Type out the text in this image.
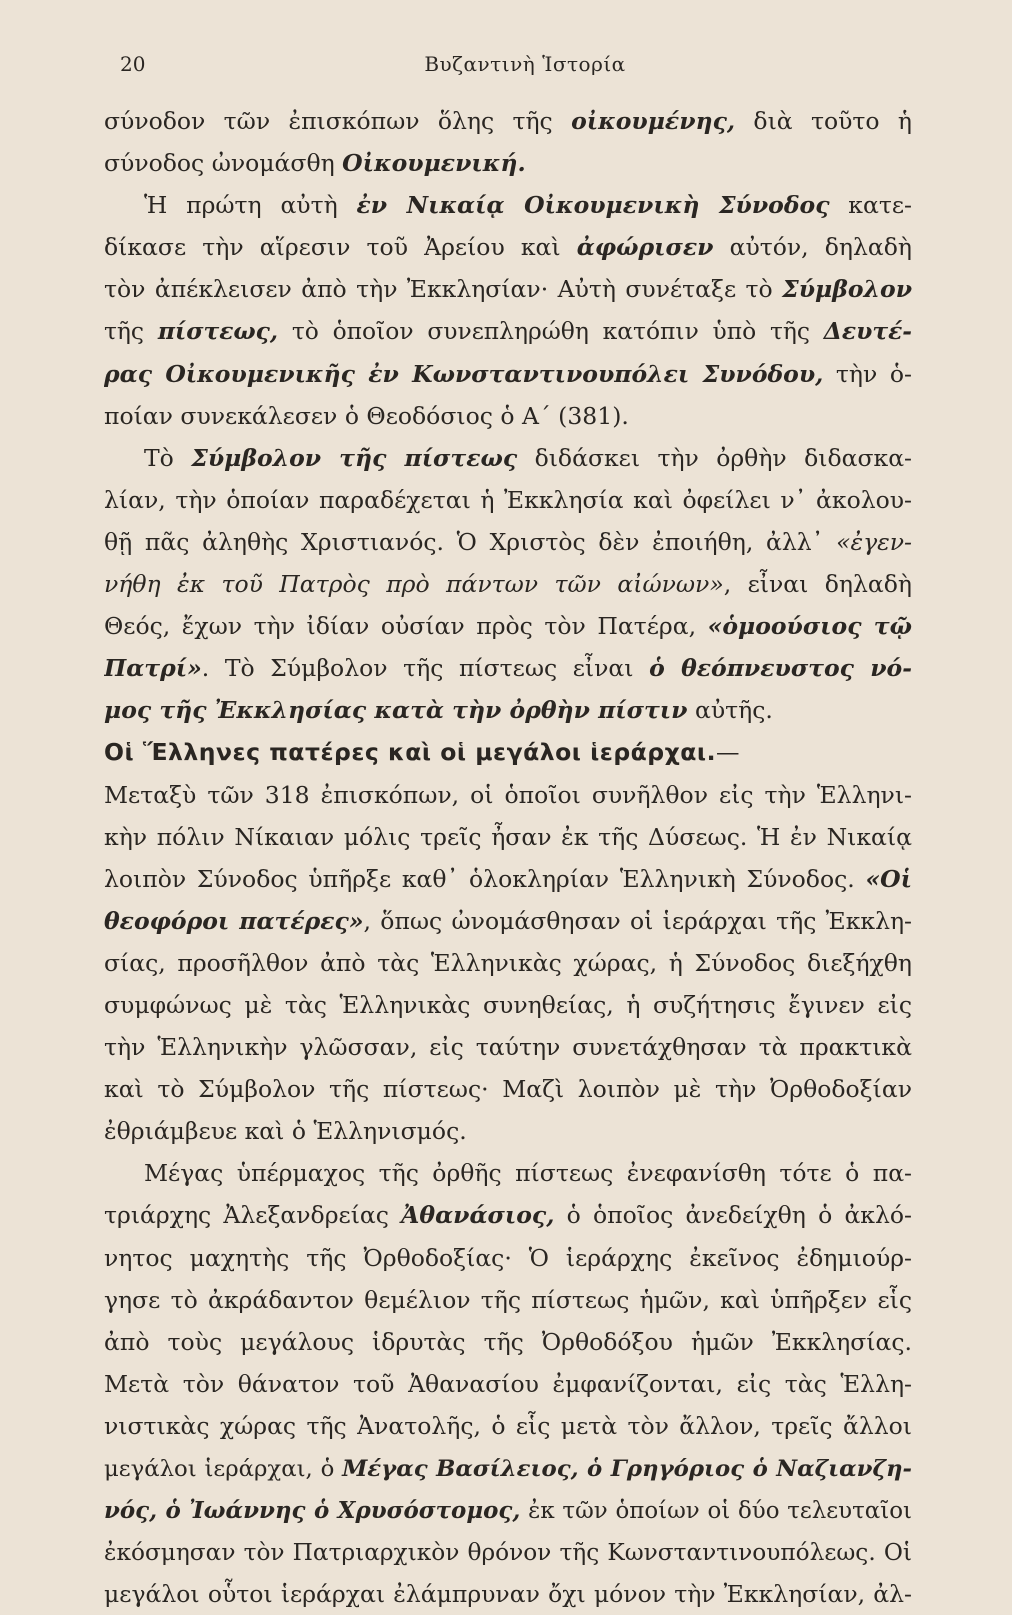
20	Βυζαντινὴ Ἱστορία
σύνοδον τῶν ἐπισκόπων ὅλης τῆς οἰκουμένης, διὰ τοῦτο ἡ
σύνοδος ὠνομάσθη Οἰκουμενική.
Ἡ πρώτη αὐτὴ ἐν Νικαίᾳ Οἰκουμενικὴ Σύνοδος κατε-
δίκασε τὴν αἵρεσιν τοῦ Ἀρείου καὶ ἀφώρισεν αὐτόν, δηλαδὴ
τὸν ἀπέκλεισεν ἀπὸ τὴν Ἐκκλησίαν· Αὐτὴ συνέταξε τὸ Σύμβολον
τῆς πίστεως, τὸ ὁποῖον συνεπληρώθη κατόπιν ὑπὸ τῆς Δευτέ-
ρας Οἰκουμενικῆς ἐν Κωνσταντινουπόλει Συνόδου, τὴν ὁ-
ποίαν συνεκάλεσεν ὁ Θεοδόσιος ὁ Α΄ (381).
Τὸ Σύμβολον τῆς πίστεως διδάσκει τὴν ὀρθὴν διδασκα-
λίαν, τὴν ὁποίαν παραδέχεται ἡ Ἐκκλησία καὶ ὀφείλει ν᾿ ἀκολου-
θῇ πᾶς ἀληθὴς Χριστιανός. Ὁ Χριστὸς δὲν ἐποιήθη, ἀλλ᾿ «ἐγεν-
νήθη ἐκ τοῦ Πατρὸς πρὸ πάντων τῶν αἰώνων», εἶναι δηλαδὴ
Θεός, ἔχων τὴν ἰδίαν οὐσίαν πρὸς τὸν Πατέρα, «ὁμοούσιος τῷ
Πατρί». Τὸ Σύμβολον τῆς πίστεως εἶναι ὁ θεόπνευστος νό-
μος τῆς Ἐκκλησίας κατὰ τὴν ὀρθὴν πίστιν αὐτῆς.
Οἱ Ἕλληνες πατέρες καὶ οἱ μεγάλοι ἱεράρχαι.—
Μεταξὺ τῶν 318 ἐπισκόπων, οἱ ὁποῖοι συνῆλθον εἰς τὴν Ἑλληνι-
κὴν πόλιν Νίκαιαν μόλις τρεῖς ἦσαν ἐκ τῆς Δύσεως. Ἡ ἐν Νικαίᾳ
λοιπὸν Σύνοδος ὑπῆρξε καθ᾿ ὁλοκληρίαν Ἑλληνικὴ Σύνοδος. «Οἱ
θεοφόροι πατέρες», ὅπως ὠνομάσθησαν οἱ ἱεράρχαι τῆς Ἐκκλη-
σίας, προσῆλθον ἀπὸ τὰς Ἑλληνικὰς χώρας, ἡ Σύνοδος διεξήχθη
συμφώνως μὲ τὰς Ἑλληνικὰς συνηθείας, ἡ συζήτησις ἔγινεν εἰς
τὴν Ἑλληνικὴν γλῶσσαν, εἰς ταύτην συνετάχθησαν τὰ πρακτικὰ
καὶ τὸ Σύμβολον τῆς πίστεως· Μαζὶ λοιπὸν μὲ τὴν Ὀρθοδοξίαν
ἐθριάμβευε καὶ ὁ Ἑλληνισμός.
Μέγας ὑπέρμαχος τῆς ὀρθῆς πίστεως ἐνεφανίσθη τότε ὁ πα-
τριάρχης Ἀλεξανδρείας Ἀθανάσιος, ὁ ὁποῖος ἀνεδείχθη ὁ ἀκλό-
νητος μαχητὴς τῆς Ὀρθοδοξίας· Ὁ ἱεράρχης ἐκεῖνος ἐδημιούρ-
γησε τὸ ἀκράδαντον θεμέλιον τῆς πίστεως ἡμῶν, καὶ ὑπῆρξεν εἷς
ἀπὸ τοὺς μεγάλους ἱδρυτὰς τῆς Ὀρθοδόξου ἡμῶν Ἐκκλησίας.
Μετὰ τὸν θάνατον τοῦ Ἀθανασίου ἐμφανίζονται, εἰς τὰς Ἑλλη-
νιστικὰς χώρας τῆς Ἀνατολῆς, ὁ εἷς μετὰ τὸν ἄλλον, τρεῖς ἄλλοι
μεγάλοι ἱεράρχαι, ὁ Μέγας Βασίλειος, ὁ Γρηγόριος ὁ Ναζιανζη-
νός, ὁ Ἰωάννης ὁ Χρυσόστομος, ἐκ τῶν ὁποίων οἱ δύο τελευταῖοι
ἐκόσμησαν τὸν Πατριαρχικὸν θρόνον τῆς Κωνσταντινουπόλεως. Οἱ
μεγάλοι οὗτοι ἱεράρχαι ἐλάμπρυναν ὄχι μόνον τὴν Ἐκκλησίαν, ἀλ-
